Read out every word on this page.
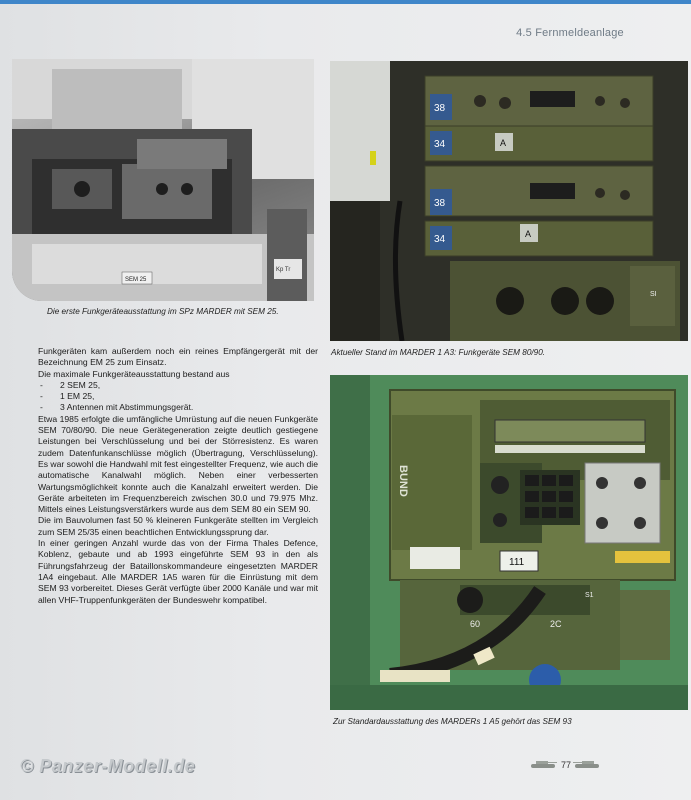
4.5 Fernmeldeanlage
SEM 25
Kp Tr
Die erste Funkgeräteausstattung im SPz MARDER mit SEM 25.
38
34	A
38
34	A
SI
Aktueller Stand im MARDER 1 A3: Funkgeräte SEM 80/90.

Funkgeräten kam außerdem noch ein reines Empfängergerät mit der Bezeichnung EM 25 zum Einsatz.

Die maximale Funkgeräteausstattung bestand aus

- 2 SEM 25,
- 1 EM 25,
- 3 Antennen mit Abstimmungsgerät.

Etwa 1985 erfolgte die umfängliche Umrüstung auf die neuen Funkgeräte SEM 70/80/90. Die neue Gerätegeneration zeigte deutlich gestiegene Leistungen bei Verschlüsselung und bei der Störresistenz. Es waren zudem Datenfunkanschlüsse möglich (Übertragung, Verschlüsselung). Es war sowohl die Handwahl mit fest eingestellter Frequenz, wie auch die automatische Kanalwahl möglich. Neben einer verbesserten Wartungsmöglichkeit konnte auch die Kanalzahl erweitert werden. Die Geräte arbeiteten im Frequenzbereich zwischen 30.0 und 79.975 Mhz. Mittels eines Leistungsverstärkers wurde aus dem SEM 80 ein SEM 90.

Die im Bauvolumen fast 50 % kleineren Funkgeräte stellten im Vergleich zum SEM 25/35 einen beachtlichen Entwicklungssprung dar.

In einer geringen Anzahl wurde das von der Firma Thales Defence, Koblenz, gebaute und ab 1993 eingeführte SEM 93 in den als Führungsfahrzeug der Bataillonskommandeure eingesetzten MARDER 1A4 eingebaut. Alle MARDER 1A5 waren für die Einrüstung mit dem SEM 93 vorbereitet. Dieses Gerät verfügte über 2000 Kanäle und war mit allen VHF-Truppenfunkgeräten der Bundeswehr kompatibel.

BUND
111
60	2C
S1
Zur Standardausstattung des MARDERs 1 A5 gehört das SEM 93
© Panzer-Modell.de	77
